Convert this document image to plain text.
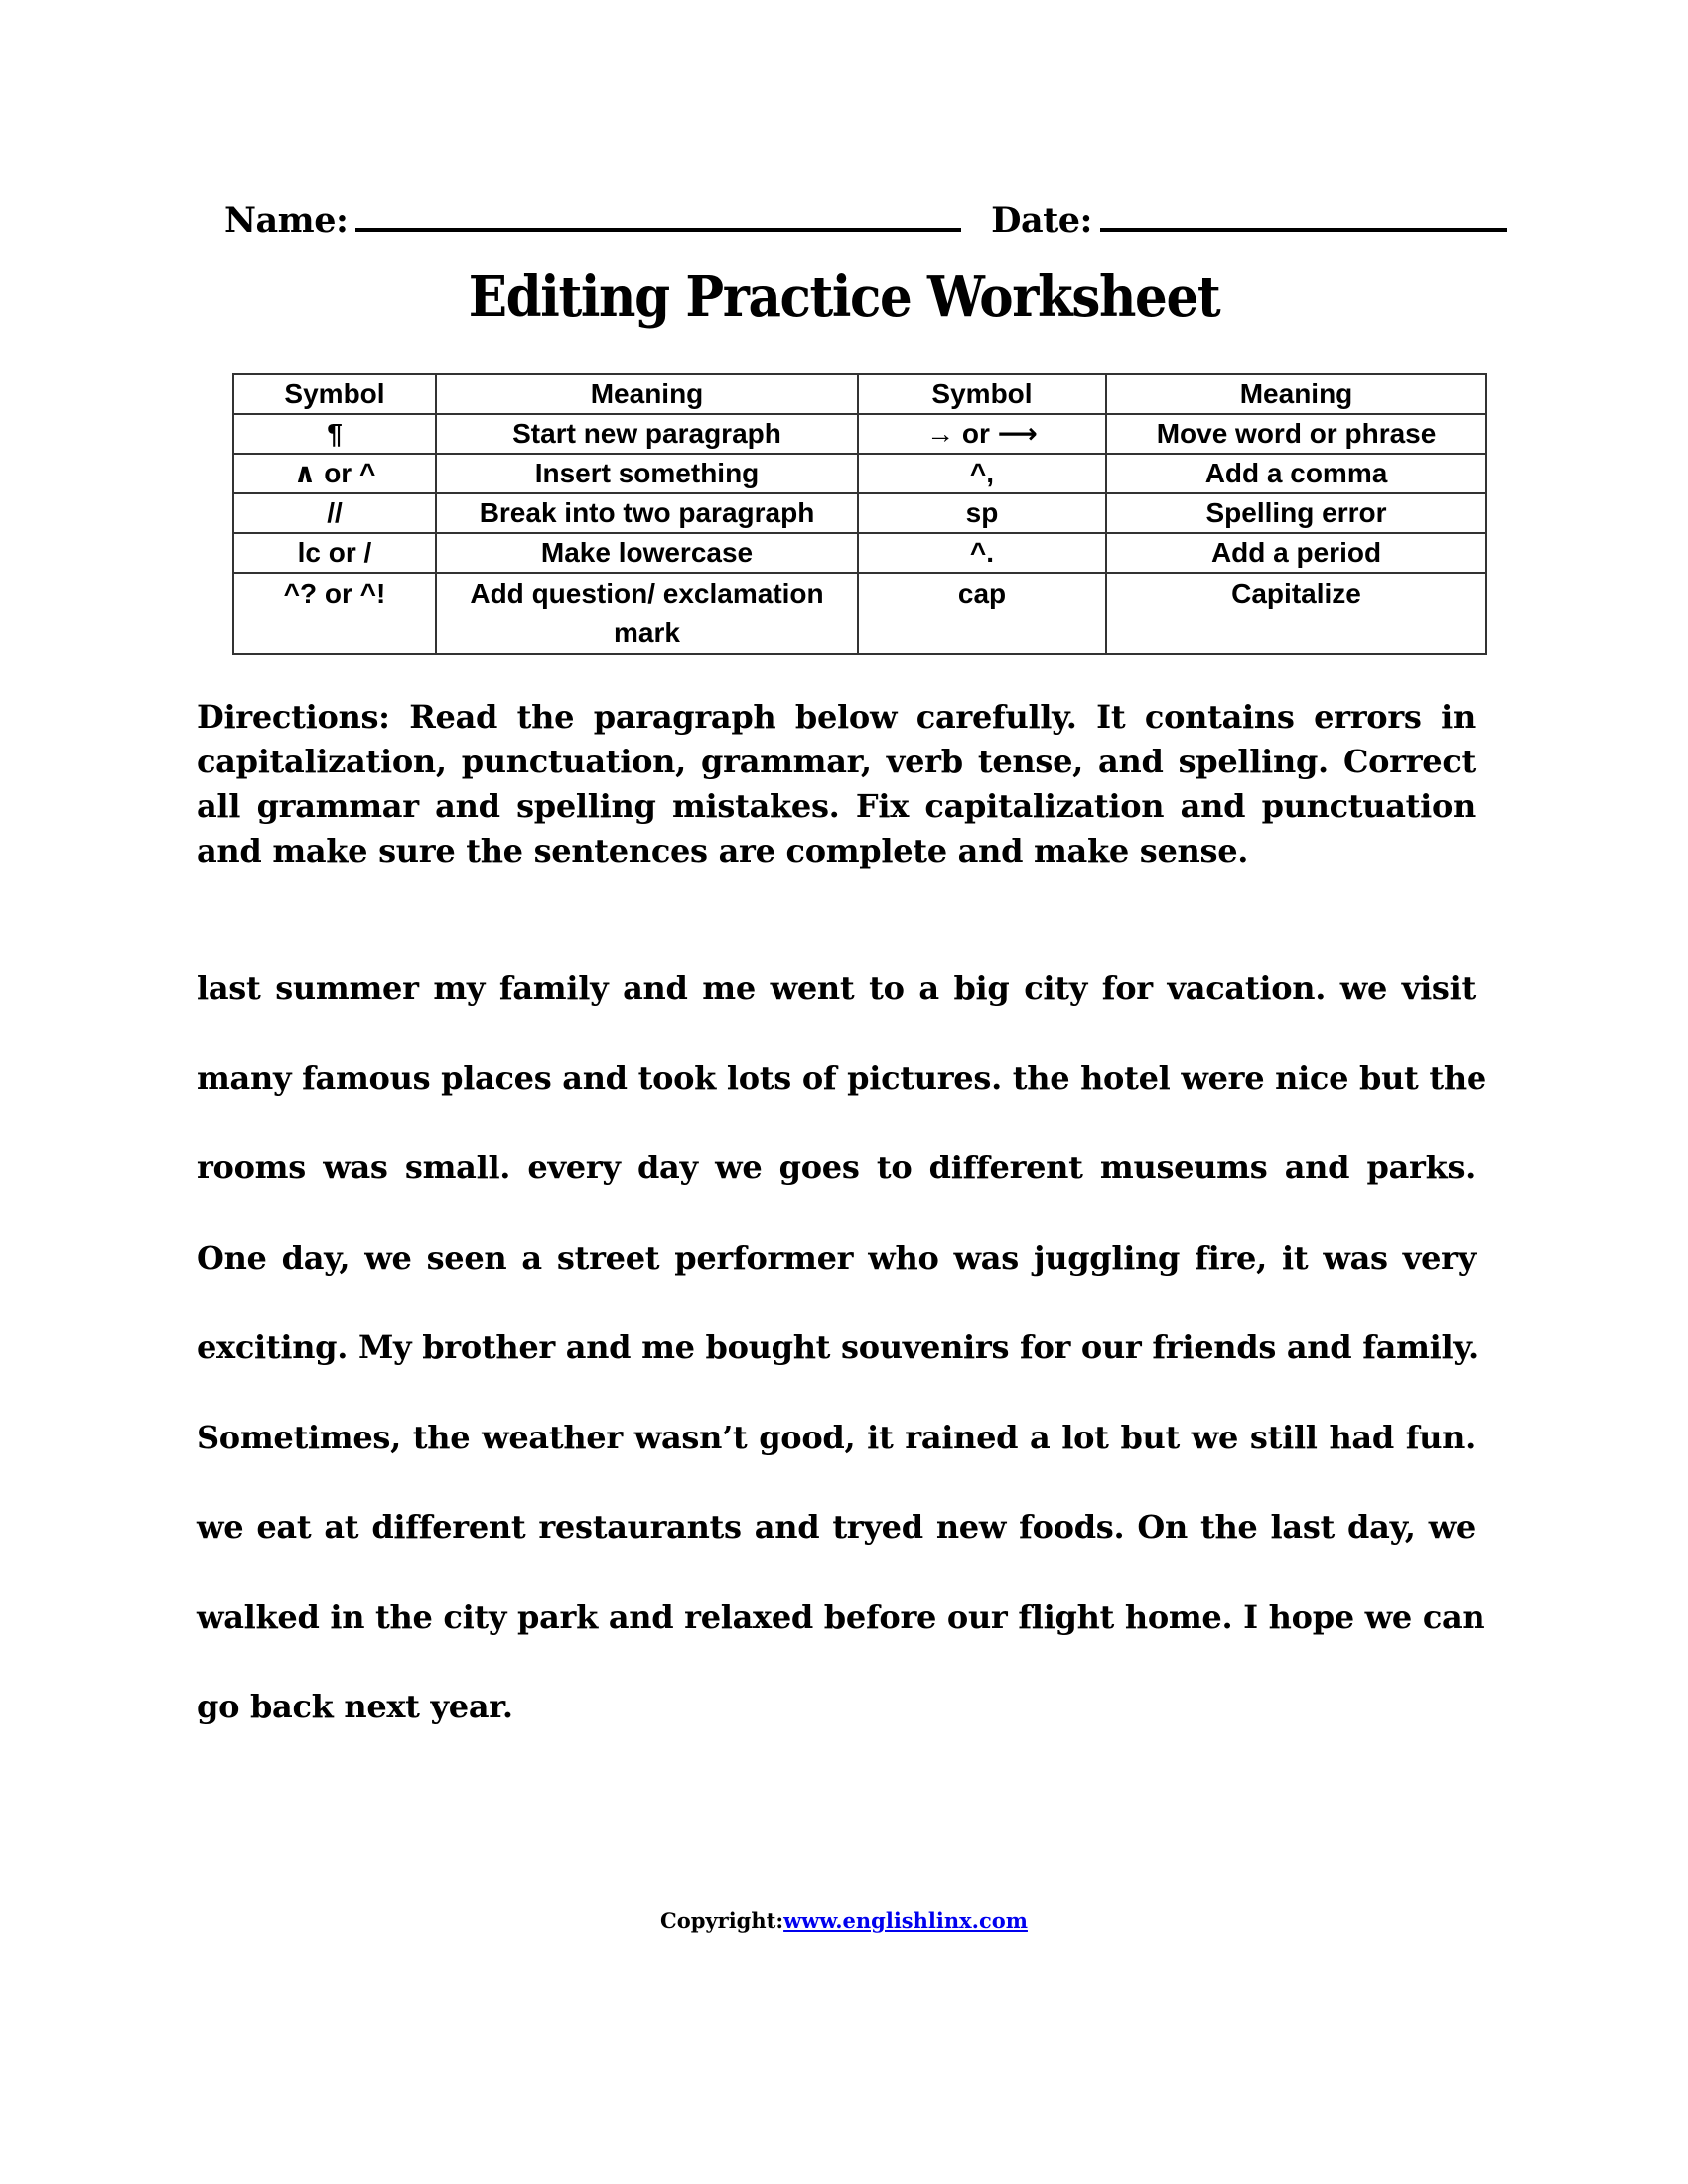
Name:	Date:
Editing Practice Worksheet
Symbol	Meaning	Symbol	Meaning
¶	Start new paragraph	→ or ⟶	Move word or phrase
∧ or ^	Insert something	^,	Add a comma
//	Break into two paragraph	sp	Spelling error
lc or /	Make lowercase	^.	Add a period
^? or ^!	Add question/ exclamation mark	cap	Capitalize
Directions: Read the paragraph below carefully. It contains errors in capitalization, punctuation, grammar, verb tense, and spelling. Correct all grammar and spelling mistakes. Fix capitalization and punctuation and make sure the sentences are complete and make sense.
last summer my family and me went to a big city for vacation. we visit
many famous places and took lots of pictures. the hotel were nice but the
rooms was small. every day we goes to different museums and parks.
One day, we seen a street performer who was juggling fire, it was very
exciting. My brother and me bought souvenirs for our friends and family.
Sometimes, the weather wasn’t good, it rained a lot but we still had fun.
we eat at different restaurants and tryed new foods. On the last day, we
walked in the city park and relaxed before our flight home. I hope we can
go back next year.
Copyright:www.englishlinx.com
